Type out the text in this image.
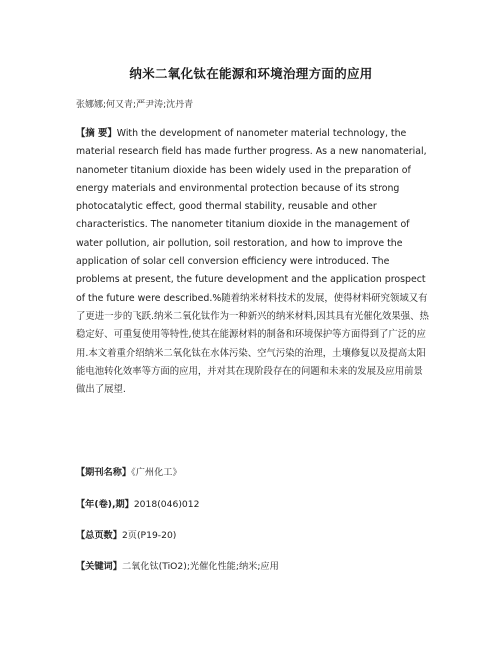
纳米二氧化钛在能源和环境治理方面的应用
张娜娜;何又青;严尹涛;沈丹青
【摘 要】With the development of nanometer material technology, the material research field has made further progress. As a new nanomaterial, nanometer titanium dioxide has been widely used in the preparation of energy materials and environmental protection because of its strong photocatalytic effect, good thermal stability, reusable and other characteristics. The nanometer titanium dioxide in the management of water pollution, air pollution, soil restoration, and how to improve the application of solar cell conversion efficiency were introduced. The problems at present, the future development and the application prospect of the future were described.%随着纳米材料技术的发展，使得材料研究领域又有了更进一步的飞跃.纳米二氧化钛作为一种新兴的纳米材料,因其具有光催化效果强、热稳定好、可重复使用等特性,使其在能源材料的制备和环境保护等方面得到了广泛的应用.本文着重介绍纳米二氧化钛在水体污染、空气污染的治理，土壤修复以及提高太阳能电池转化效率等方面的应用，并对其在现阶段存在的问题和未来的发展及应用前景做出了展望.
【期刊名称】《广州化工》
【年(卷),期】2018(046)012
【总页数】2页(P19-20)
【关键词】二氧化钛(TiO2);光催化性能;纳米;应用
